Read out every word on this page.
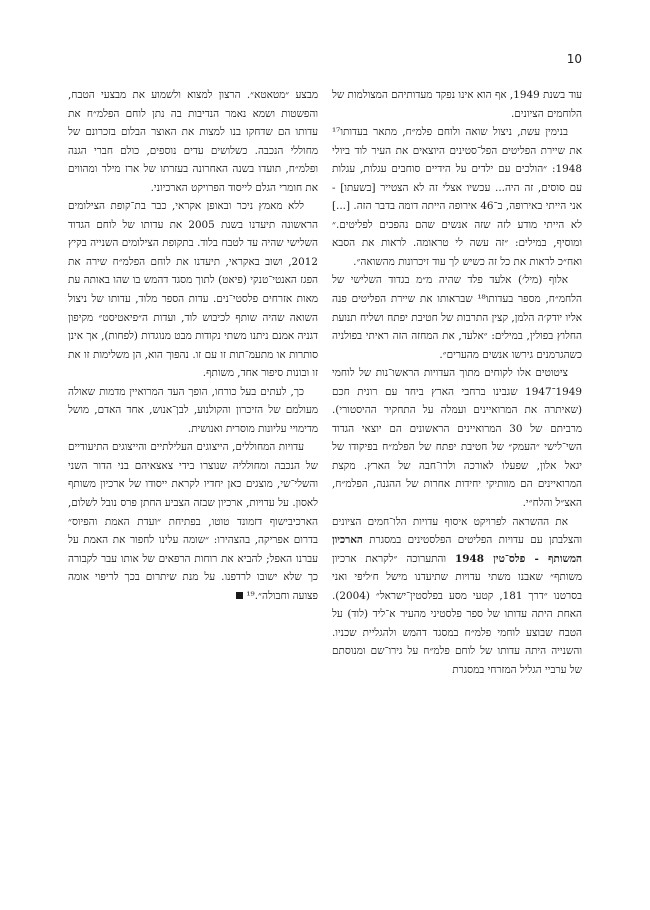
10

עוד בשנת 1949, אף הוא אינו נפקד מעדותיהם המצולמות של הלוחמים הציונים.

בנימין עשת, ניצול שואה ולוחם פלמ״ח, מתאר בעדותו¹⁷ את שיירת הפליטים הפל־סטינים היוצאים את העיר לוד ביולי 1948: ״הולכים עם ילדים על הידיים סוחבים עגלות, עגלות עם סוסים, זה היה... עכשיו אצלי זה לא הצטייר [בשעתו] - אני הייתי באירופה, ב־46 אירופה הייתה דומה בדבר הזה. [...] לא הייתי מודע לזה שזה אנשים שהם נהפכים לפליטים.״ ומוסיף, במילים: ״זה עשה לי טראומה. לראות את הסבא ואח״כ לראות את כל זה כשיש לך עוד זיכרונות מהשואה״.

אלוף (מיל׳) אלעד פלד שהיה מ״מ בגדוד השלישי של הלחמ״ח, מספר בעדותו¹⁸ שבראותו את שיירת הפליטים פנה אליו יודק׳ה הלמן, קצין התרבות של חטיבת יפתח ושליח תנועת החלוץ בפולין, במילים: ״אלעד, את המחזה הזה ראיתי בפולניה כשהגרמנים גירשו אנשים מהערים״.

ציטוטים אלו לקוחים מתוך העדויות הראשו־נות של לוחמי 1949־1947 שגבינו ברחבי הארץ ביחד עם רונית חכם (שאיתרה את המרואיינים ועמלה על התחקיר ההיסטורי). מרביתם של 30 המרואיינים הראשונים הם יוצאי הגדוד השי־לישי ״העמק״ של חטיבת יפתח של הפלמ״ח בפיקודו של יגאל אלון, שפעלו לאורכה ולרו־חבה של הארץ. מקצת המרואיינים הם מוותיקי יחידות אחרות של ההגנה, הפלמ״ח, האצ״ל והלח״י.

את ההשראה לפרויקט איסוף עדויות הלו־חמים הציונים והצלבתן עם עדויות הפליטים הפלסטינים במסגרת הארכיון המשותף - פלס־טין 1948 והתערוכה ״לקראת ארכיון משותף״ שאבנו משתי עדויות שתיעדנו מישל ח׳ליפי ואני בסרטנו ״דרך 181, קטעי מסע בפלסטין־ישראל״ (2004). האחת היתה עדותו של ספר פלסטיני מהעיר א־ליד (לוד) על הטבח שבוצע לוחמי פלמ״ח במסגד דהמש ולהגליית שכניו. והשנייה היתה עדותו של לוחם פלמ״ח על גירו־שם ומנוסתם של ערביי הגליל המזרחי במסגרת

מבצע ״מטאטא״. הרצון למצוא ולשמוע את מבצעי הטבח, והפשטות ושמא נאמר הנדיבות בה נתן לוחם הפלמ״ח את עדותו הם שדחקו בנו למצות את האוצר הבלום בזכרונם של מחוללי הנכבה. כשלושים עדים נוספים, כולם חברי הגנה ופלמ״ח, תועדו בשנה האחרונה בעזרתו של ארז מילר ומהווים את חומרי הגלם לייסוד הפרויקט הארכיוני.

ללא מאמץ ניכר ובאופן אקראי, כבר בת־קופת הצילומים הראשונה תיעדנו בשנת 2005 את עדותו של לוחם הגדוד השלישי שהיה עד לטבח בלוד. בתקופת הצילומים השנייה בקיץ 2012, ושוב באקראי, תיעדנו את לוחם הפלמ״ח שירה את הפגז האנטי־טנקי (פיאט) לתוך מסגד דהמש בו שהו באותה עת מאות אזרחים פלסטי־נים. עדות הספר מלוד, עדותו של ניצול השואה שהיה שותף לכיבוש לוד, ועדות ה״פיאטיסט״ מקיפון דגניה אמנם ניתנו משתי נקודות מבט מנוגדות (לפחות), אך אינן סותרות או מתעמ־תות זו עם זו. נהפוך הוא, הן משלימות זו את זו ובונות סיפור אחד, משותף.

כך, לעתים בעל כורחו, הופך העד המרואיין מדמות שאולה מעולמם של הזיכרון והקולנוע, לבן־אנוש, אחד האדם, מושל מדימויי עליונות מוסרית ואנושית.

עדויות המחוללים, הייצוגים העלילתיים והייצוגים התיעודיים של הנכבה ומחולליה שנוצרו בידי צאצאיהם בני הדור השני והשלי־שי, מוצגים כאן יחדיו לקראת ייסודו של ארכיון משותף לאסון. על עדויות, ארכיון שבזה הצביע החתן פרס נובל לשלום, הארכיבישוף דזמונד טוטו, בפתיחת ״ועדת האמת והפיוס״ בדרום אפריקה, בהצהירו: ״שומה עלינו לחפור את האמת על עברנו האפל; להביא את רוחות הרפאים של אותו עבר לקבורה כך שלא ישובו לרדפנו. על מנת שיתרום בכך לריפוי אומה פצועה וחבולה״.¹⁹
